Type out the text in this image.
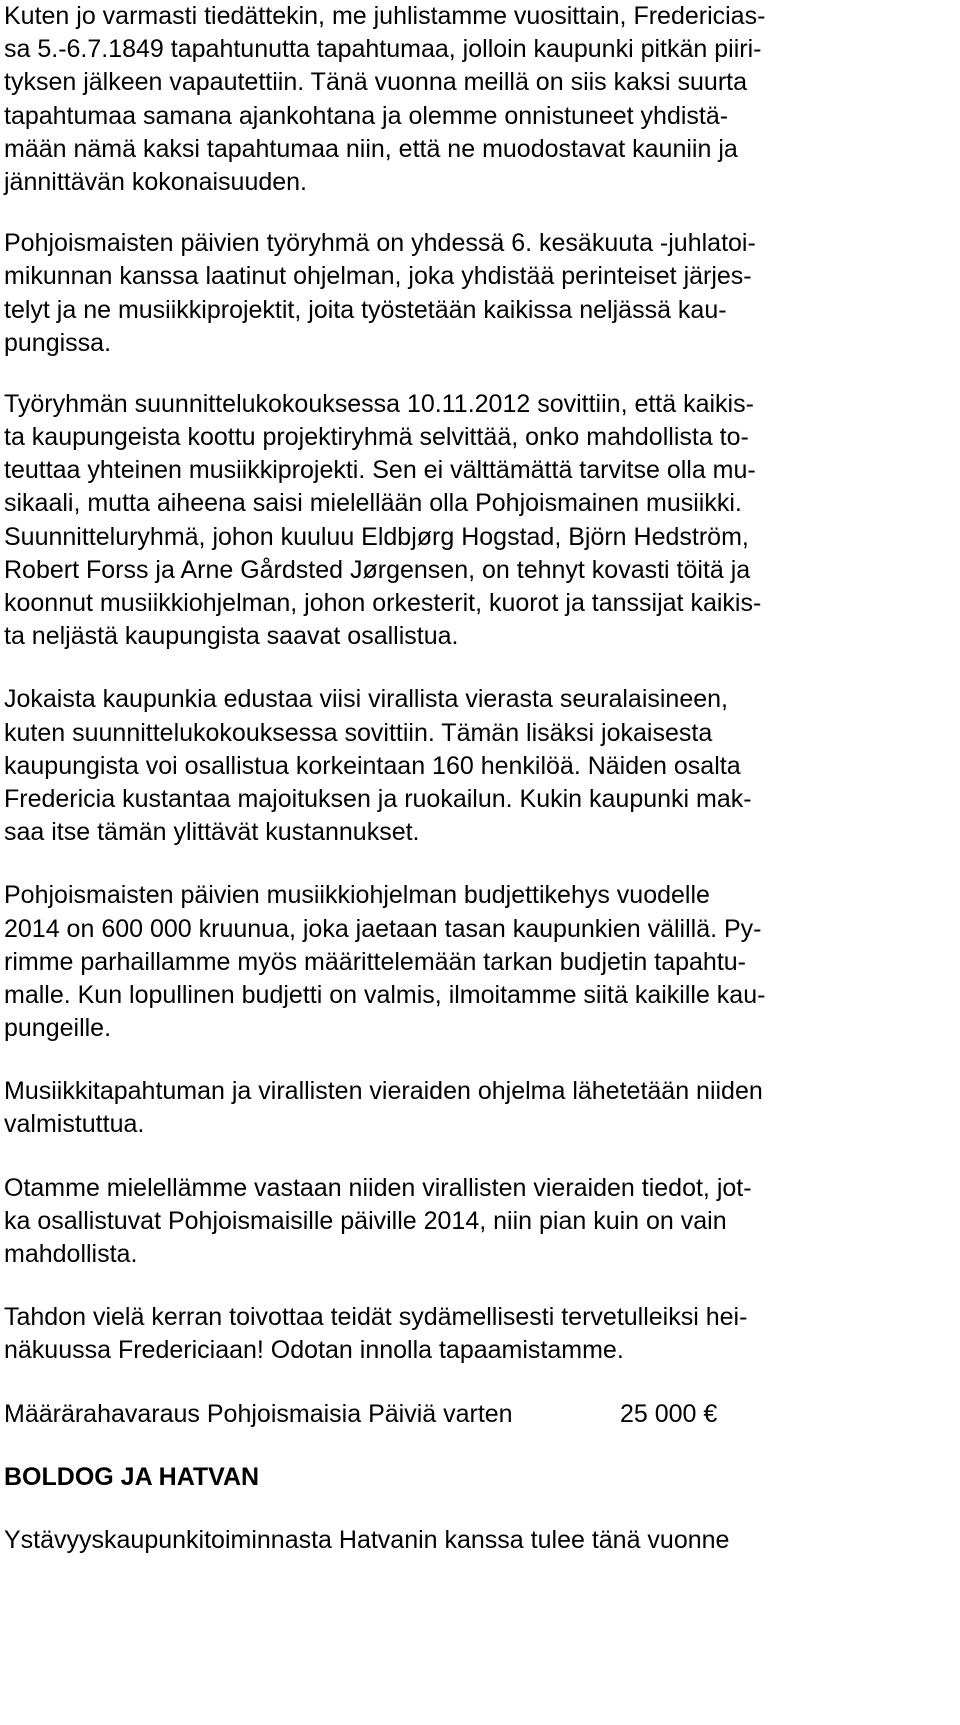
Kuten jo varmasti tiedättekin, me juhlistamme vuosittain, Fredericias-
sa 5.-6.7.1849 tapahtunutta tapahtumaa, jolloin kaupunki pitkän piiri-
tyksen jälkeen vapautettiin. Tänä vuonna meillä on siis kaksi suurta
tapahtumaa samana ajankohtana ja olemme onnistuneet yhdistä-
mään nämä kaksi tapahtumaa niin, että ne muodostavat kauniin ja
jännittävän kokonaisuuden.
Pohjoismaisten päivien työryhmä on yhdessä 6. kesäkuuta -juhlatoi-
mikunnan kanssa laatinut ohjelman, joka yhdistää perinteiset järjes-
telyt ja ne musiikkiprojektit, joita työstetään kaikissa neljässä kau-
pungissa.
Työryhmän suunnittelukokouksessa 10.11.2012 sovittiin, että kaikis-
ta kaupungeista koottu projektiryhmä selvittää, onko mahdollista to-
teuttaa yhteinen musiikkiprojekti. Sen ei välttämättä tarvitse olla mu-
sikaali, mutta aiheena saisi mielellään olla Pohjoismainen musiikki.
Suunnitteluryhmä, johon kuuluu Eldbjørg Hogstad, Björn Hedström,
Robert Forss ja Arne Gårdsted Jørgensen, on tehnyt kovasti töitä ja
koonnut musiikkiohjelman, johon orkesterit, kuorot ja tanssijat kaikis-
ta neljästä kaupungista saavat osallistua.
Jokaista kaupunkia edustaa viisi virallista vierasta seuralaisineen,
kuten suunnittelukokouksessa sovittiin. Tämän lisäksi jokaisesta
kaupungista voi osallistua korkeintaan 160 henkilöä. Näiden osalta
Fredericia kustantaa majoituksen ja ruokailun. Kukin kaupunki mak-
saa itse tämän ylittävät kustannukset.
Pohjoismaisten päivien musiikkiohjelman budjettikehys vuodelle
2014 on 600 000 kruunua, joka jaetaan tasan kaupunkien välillä. Py-
rimme parhaillamme myös määrittelemään tarkan budjetin tapahtu-
malle. Kun lopullinen budjetti on valmis, ilmoitamme siitä kaikille kau-
pungeille.
Musiikkitapahtuman ja virallisten vieraiden ohjelma lähetetään niiden
valmistuttua.
Otamme mielellämme vastaan niiden virallisten vieraiden tiedot, jot-
ka osallistuvat Pohjoismaisille päiville 2014, niin pian kuin on vain
mahdollista.
Tahdon vielä kerran toivottaa teidät sydämellisesti tervetulleiksi hei-
näkuussa Fredericiaan! Odotan innolla tapaamistamme.
Määrärahavaraus Pohjoismaisia Päiviä varten	25 000 €
BOLDOG JA HATVAN
Ystävyyskaupunkitoiminnasta Hatvanin kanssa tulee tänä vuonne
